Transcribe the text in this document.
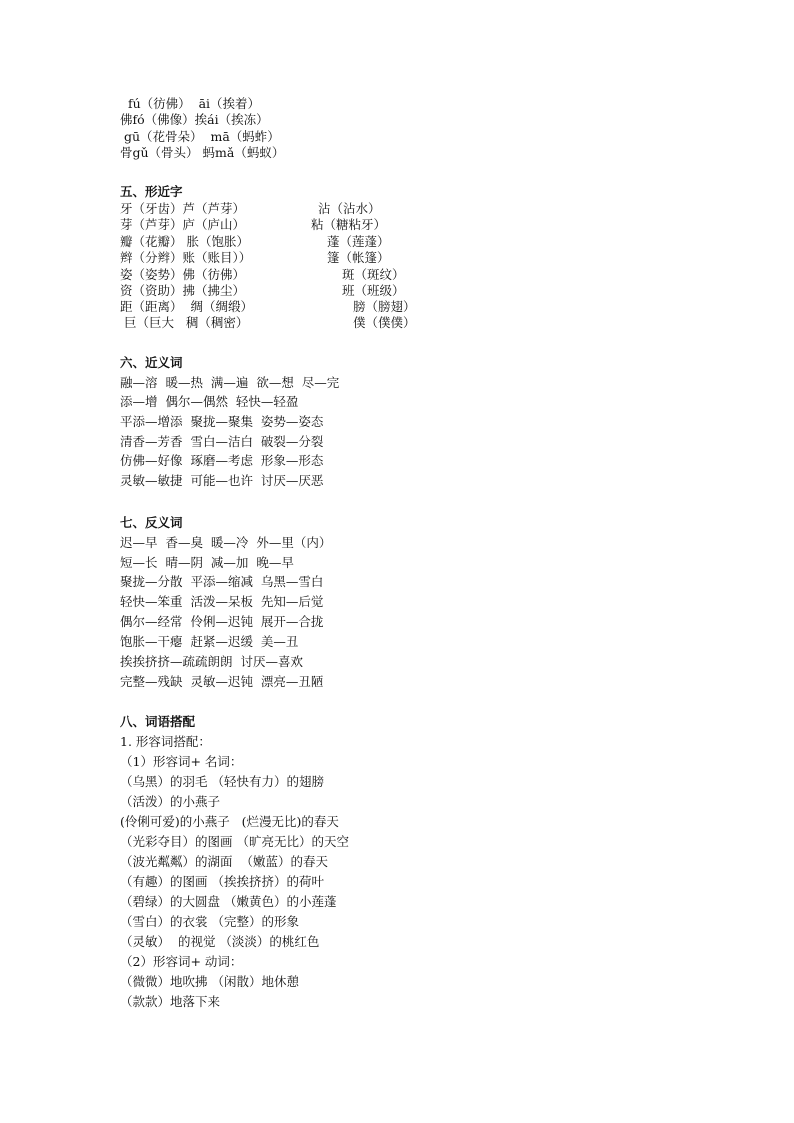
fú（彷佛）  āi（挨着）
佛fó（佛像）挨ái（挨冻）
gū（花骨朵）  mā（蚂蚱）
骨gǔ（骨头） 蚂mǎ（蚂蚁）
五、形近字
牙（牙齿）芦（芦芽）	沾（沾水）
芽（芦芽）庐（庐山）	粘（糖粘牙）
瓣（花瓣） 胀（饱胀）	蓬（莲蓬）
辫（分辫）账（账目））	篷（帐篷）
姿（姿势）佛（彷佛）	斑（斑纹）
资（资助）拂（拂尘）	班（班级）
距（距离）  绸（绸缎）	膀（膀翅）
巨（巨大   稠（稠密）	僕（僕僕）
六、近义词
融—溶  暖—热  满—遍  欲—想  尽—完
添—增  偶尔—偶然  轻快—轻盈
平添—增添  聚拢—聚集  姿势—姿态
清香—芳香  雪白—洁白  破裂—分裂
仿佛—好像  琢磨—考虑  形象—形态
灵敏—敏捷  可能—也许  讨厌—厌恶
七、反义词
迟—早  香—臭  暖—冷  外—里（内）
短—长  晴—阴  减—加  晚—早
聚拢—分散  平添—缩减  乌黑—雪白
轻快—笨重  活泼—呆板  先知—后觉
偶尔—经常  伶俐—迟钝  展开—合拢
饱胀—干瘪  赶紧—迟缓  美—丑
挨挨挤挤—疏疏朗朗  讨厌—喜欢
完整—残缺  灵敏—迟钝  漂亮—丑陋
八、词语搭配
1. 形容词搭配：
（1）形容词+ 名词：
（乌黑）的羽毛 （轻快有力）的翅膀
（活泼）的小燕子
(伶俐可爱)的小燕子   (烂漫无比)的春天
（光彩夺目）的图画 （旷亮无比）的天空
（波光粼粼）的湖面  （嫩蓝）的春天
（有趣）的图画 （挨挨挤挤）的荷叶
（碧绿）的大圆盘 （嫩黄色）的小莲蓬
（雪白）的衣裳 （完整）的形象
（灵敏）  的视觉 （淡淡）的桃红色
（2）形容词+ 动词：
（微微）地吹拂 （闲散）地休憩
（款款）地落下来
